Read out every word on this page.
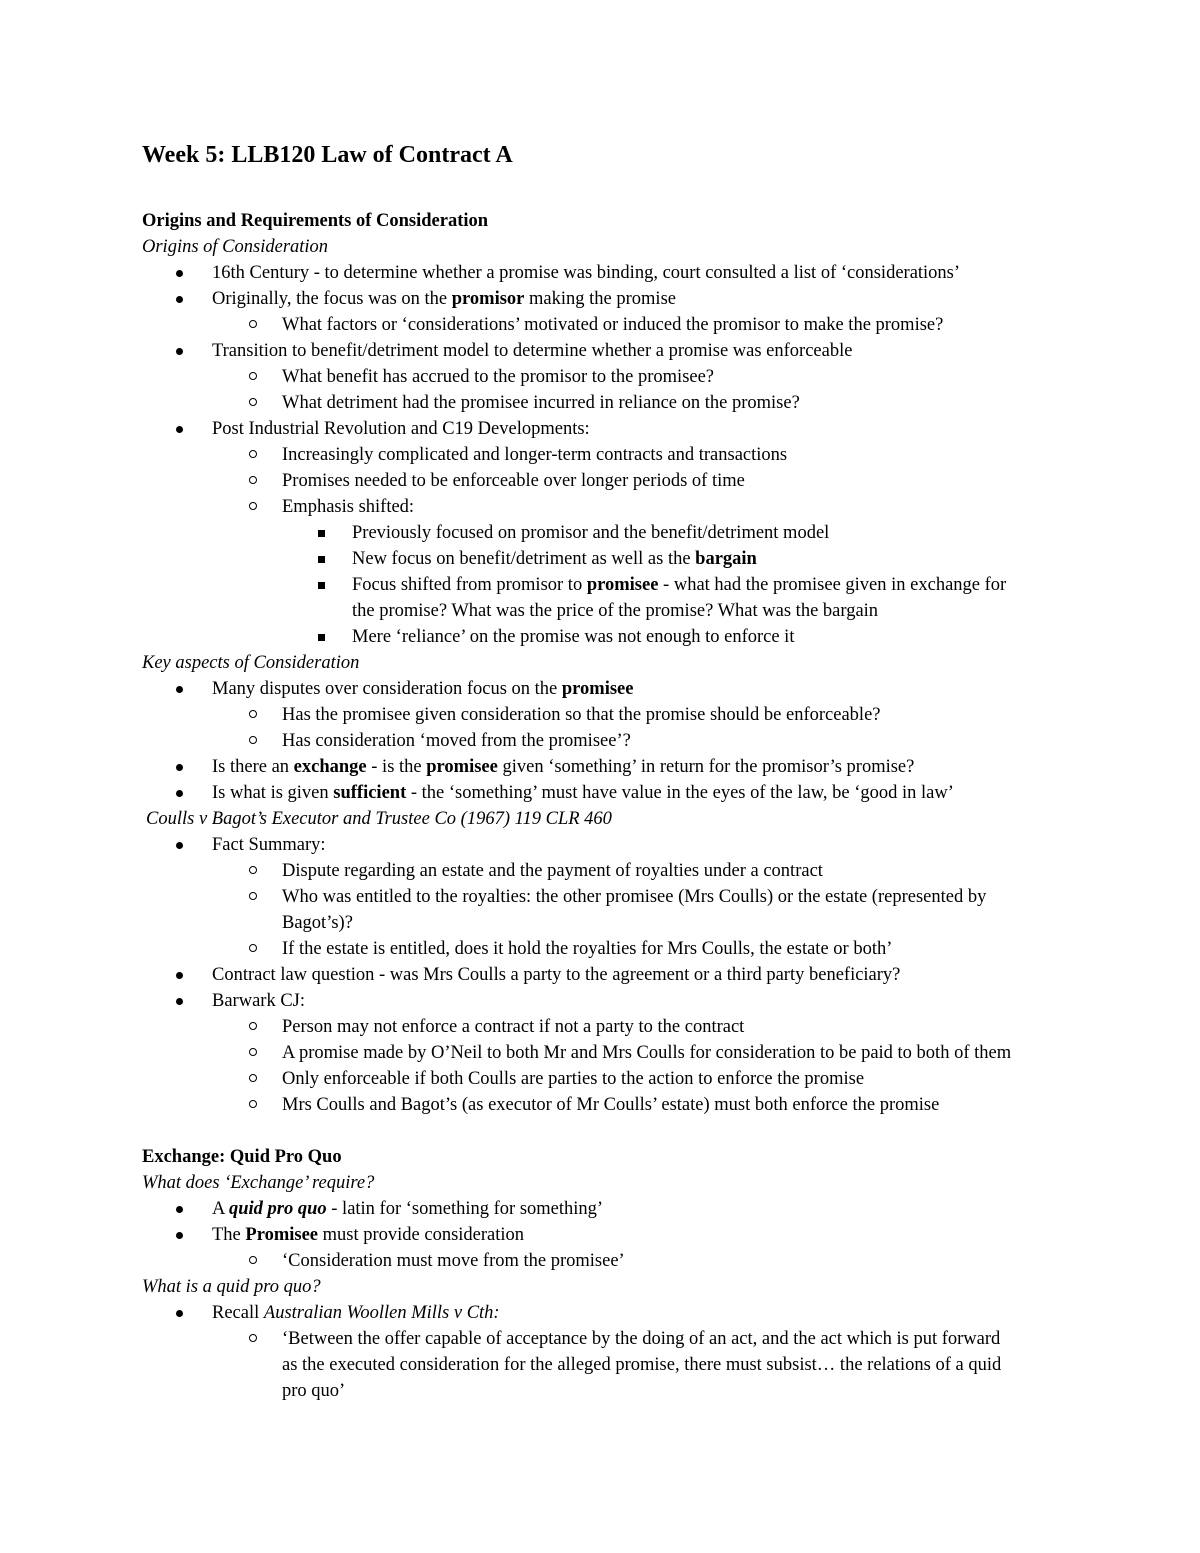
Week 5: LLB120 Law of Contract A
Origins and Requirements of Consideration
Origins of Consideration
16th Century - to determine whether a promise was binding, court consulted a list of ‘considerations’
Originally, the focus was on the promisor making the promise
What factors or ‘considerations’ motivated or induced the promisor to make the promise?
Transition to benefit/detriment model to determine whether a promise was enforceable
What benefit has accrued to the promisor to the promisee?
What detriment had the promisee incurred in reliance on the promise?
Post Industrial Revolution and C19 Developments:
Increasingly complicated and longer-term contracts and transactions
Promises needed to be enforceable over longer periods of time
Emphasis shifted:
Previously focused on promisor and the benefit/detriment model
New focus on benefit/detriment as well as the bargain
Focus shifted from promisor to promisee - what had the promisee given in exchange for
the promise? What was the price of the promise? What was the bargain
Mere ‘reliance’ on the promise was not enough to enforce it
Key aspects of Consideration
Many disputes over consideration focus on the promisee
Has the promisee given consideration so that the promise should be enforceable?
Has consideration ‘moved from the promisee’?
Is there an exchange - is the promisee given ‘something’ in return for the promisor’s promise?
Is what is given sufficient - the ‘something’ must have value in the eyes of the law, be ‘good in law’
Coulls v Bagot’s Executor and Trustee Co (1967) 119 CLR 460
Fact Summary:
Dispute regarding an estate and the payment of royalties under a contract
Who was entitled to the royalties: the other promisee (Mrs Coulls) or the estate (represented by
Bagot’s)?
If the estate is entitled, does it hold the royalties for Mrs Coulls, the estate or both’
Contract law question - was Mrs Coulls a party to the agreement or a third party beneficiary?
Barwark CJ:
Person may not enforce a contract if not a party to the contract
A promise made by O’Neil to both Mr and Mrs Coulls for consideration to be paid to both of them
Only enforceable if both Coulls are parties to the action to enforce the promise
Mrs Coulls and Bagot’s (as executor of Mr Coulls’ estate) must both enforce the promise
Exchange: Quid Pro Quo
What does ‘Exchange’ require?
A quid pro quo - latin for ‘something for something’
The Promisee must provide consideration
‘Consideration must move from the promisee’
What is a quid pro quo?
Recall Australian Woollen Mills v Cth:
‘Between the offer capable of acceptance by the doing of an act, and the act which is put forward
as the executed consideration for the alleged promise, there must subsist… the relations of a quid
pro quo’
